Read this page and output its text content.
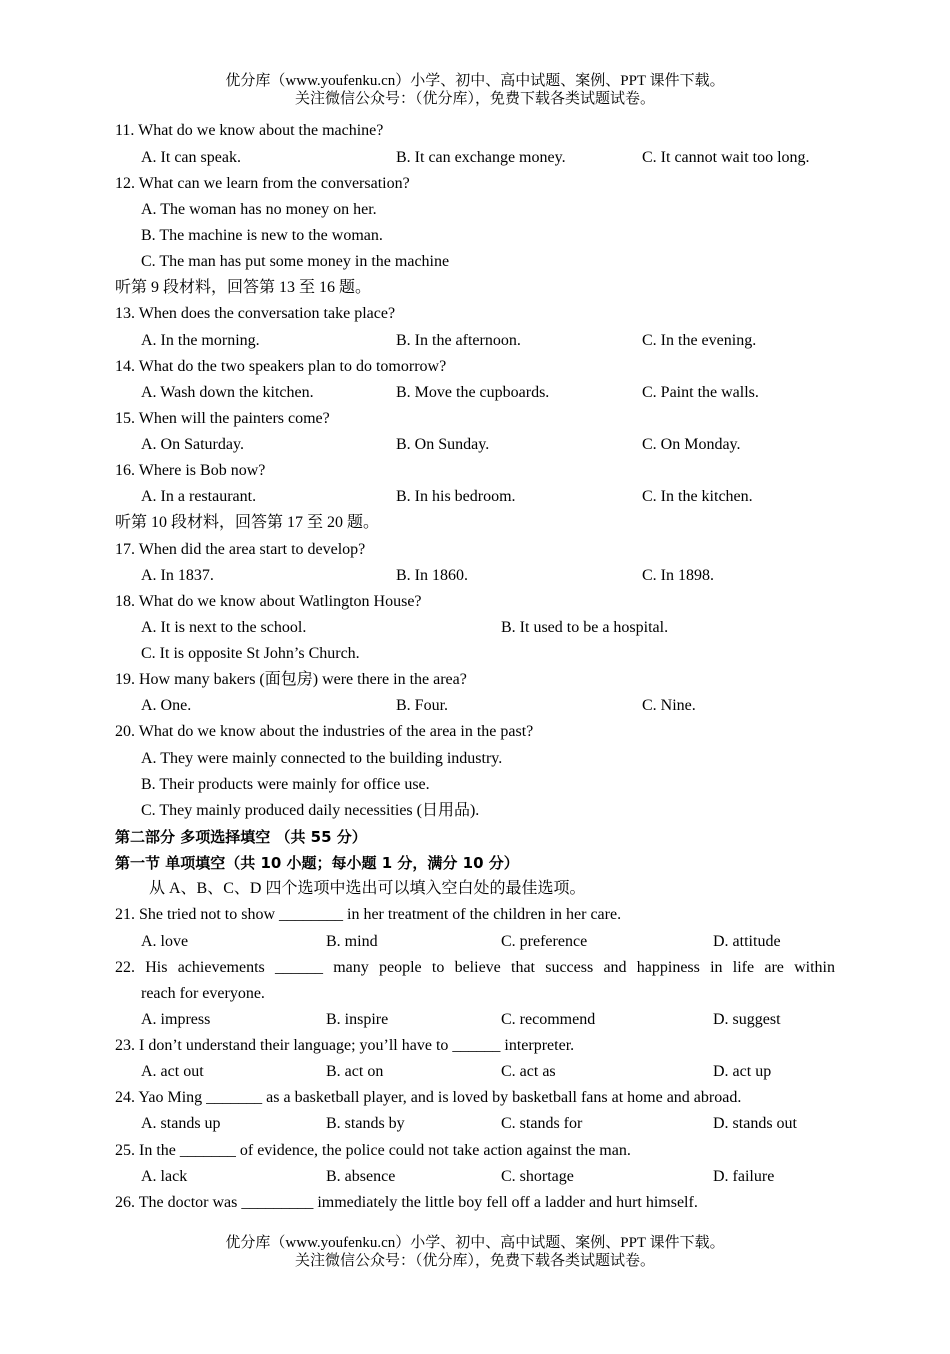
优分库（www.youfenku.cn）小学、初中、高中试题、案例、PPT 课件下载。
关注微信公众号：（优分库），免费下载各类试题试卷。
11. What do we know about the machine?
A. It can speak.	B. It can exchange money.	C. It cannot wait too long.
12. What can we learn from the conversation?
A. The woman has no money on her.
B. The machine is new to the woman.
C. The man has put some money in the machine
听第 9 段材料，回答第 13 至 16 题。
13. When does the conversation take place?
A. In the morning.	B. In the afternoon.	C. In the evening.
14. What do the two speakers plan to do tomorrow?
A. Wash down the kitchen.	B. Move the cupboards.	C. Paint the walls.
15. When will the painters come?
A. On Saturday.	B. On Sunday.	C. On Monday.
16. Where is Bob now?
A. In a restaurant.	B. In his bedroom.	C. In the kitchen.
听第 10 段材料，回答第 17 至 20 题。
17. When did the area start to develop?
A. In 1837.	B. In 1860.	C. In 1898.
18. What do we know about Watlington House?
A. It is next to the school.	B. It used to be a hospital.
C. It is opposite St John’s Church.
19. How many bakers (面包房) were there in the area?
A. One.	B. Four.	C. Nine.
20. What do we know about the industries of the area in the past?
A. They were mainly connected to the building industry.
B. Their products were mainly for office use.
C. They mainly produced daily necessities (日用品).
第二部分 多项选择填空 （共 55 分）
第一节 单项填空（共 10 小题；每小题 1 分，满分 10 分）
从 A、B、C、D 四个选项中选出可以填入空白处的最佳选项。
21. She tried not to show ________ in her treatment of the children in her care.
A. love	B. mind	C. preference	D. attitude
22. His achievements ______ many people to believe that success and happiness in life are within
reach for everyone.
A. impress	B. inspire	C. recommend	D. suggest
23. I don’t understand their language; you’ll have to ______ interpreter.
A. act out	B. act on	C. act as	D. act up
24. Yao Ming _______ as a basketball player, and is loved by basketball fans at home and abroad.
A. stands up	B. stands by	C. stands for	D. stands out
25. In the _______ of evidence, the police could not take action against the man.
A. lack	B. absence	C. shortage	D. failure
26. The doctor was _________ immediately the little boy fell off a ladder and hurt himself.
优分库（www.youfenku.cn）小学、初中、高中试题、案例、PPT 课件下载。
关注微信公众号：（优分库），免费下载各类试题试卷。
